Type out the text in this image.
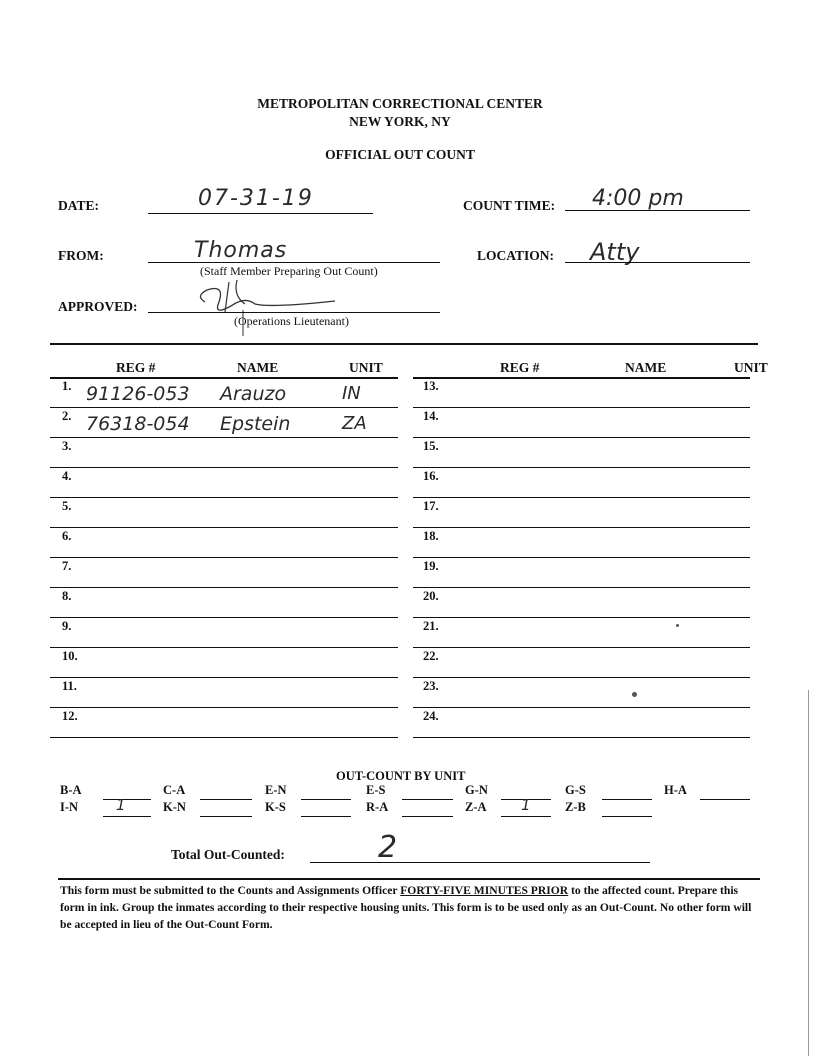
METROPOLITAN CORRECTIONAL CENTER
NEW YORK, NY
OFFICIAL OUT COUNT
DATE:	07-31-19	COUNT TIME: 4:00 pm
FROM:	Thomas
(Staff Member Preparing Out Count)
LOCATION: Atty
APPROVED:
(Operations Lieutenant)
REG #	NAME	UNIT	REG #	NAME	UNIT
1. 91126-053 Arauzo	IN
2. 76318-054 Epstein	ZA
3.
4.
5.
6.
7.
8.
9.
10.
11.
12.
13.
14.
15.
16.
17.
18.
19.
20.
21.
22.
23.
24.
OUT-COUNT BY UNIT
B-A	C-A	E-N	E-S	G-N	G-S	H-A
I-N	1	K-N	K-S	R-A	Z-A 1	Z-B
Total Out-Counted:	2
This form must be submitted to the Counts and Assignments Officer FORTY-FIVE MINUTES PRIOR to the affected count. Prepare this form in ink. Group the inmates according to their respective housing units. This form is to be used only as an Out-Count. No other form will be accepted in lieu of the Out-Count Form.
